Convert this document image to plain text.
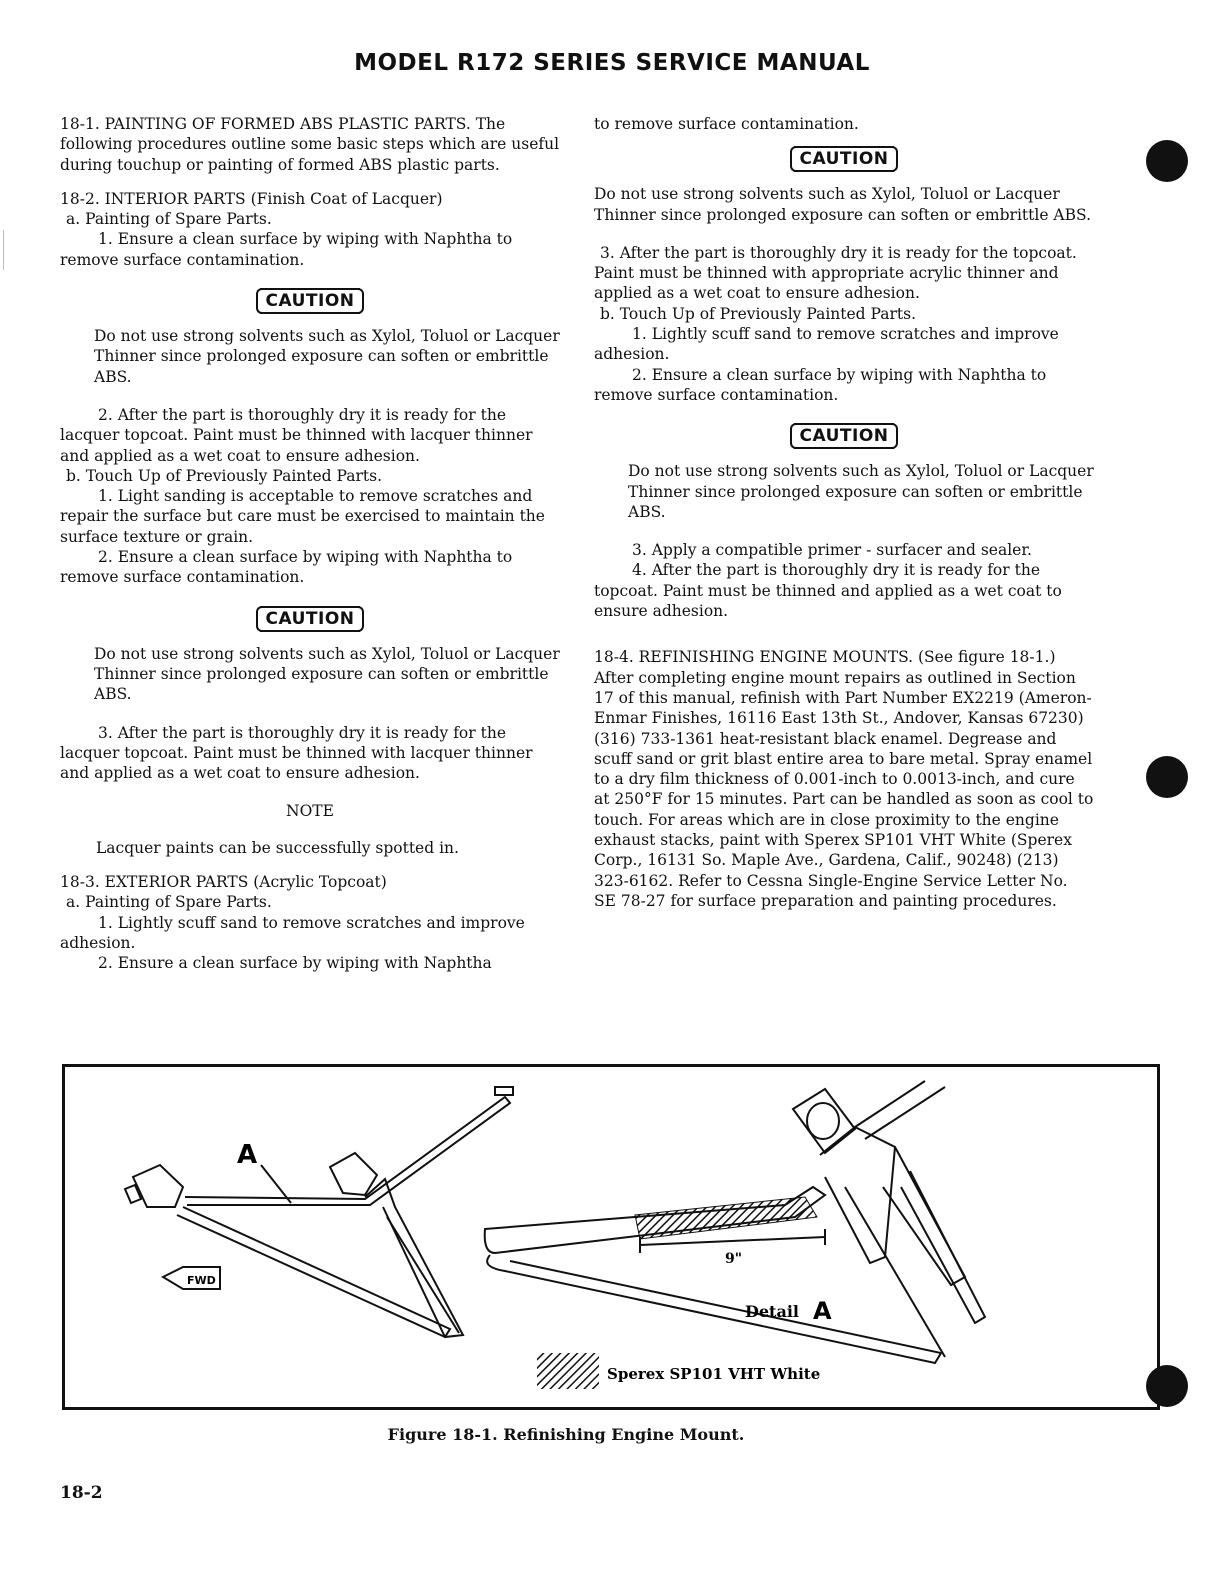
MODEL R172 SERIES SERVICE MANUAL

18-1. PAINTING OF FORMED ABS PLASTIC PARTS. The following procedures outline some basic steps which are useful during touchup or painting of formed ABS plastic parts.

18-2. INTERIOR PARTS (Finish Coat of Lacquer)

a. Painting of Spare Parts.

1. Ensure a clean surface by wiping with Naphtha to remove surface contamination.

CAUTION

Do not use strong solvents such as Xylol, Toluol or Lacquer Thinner since prolonged exposure can soften or embrittle ABS.

2. After the part is thoroughly dry it is ready for the lacquer topcoat. Paint must be thinned with lacquer thinner and applied as a wet coat to ensure adhesion.

b. Touch Up of Previously Painted Parts.

1. Light sanding is acceptable to remove scratches and repair the surface but care must be exercised to maintain the surface texture or grain.

2. Ensure a clean surface by wiping with Naphtha to remove surface contamination.

CAUTION

Do not use strong solvents such as Xylol, Toluol or Lacquer Thinner since prolonged exposure can soften or embrittle ABS.

3. After the part is thoroughly dry it is ready for the lacquer topcoat. Paint must be thinned with lacquer thinner and applied as a wet coat to ensure adhesion.

NOTE

Lacquer paints can be successfully spotted in.

18-3. EXTERIOR PARTS (Acrylic Topcoat)

a. Painting of Spare Parts.

1. Lightly scuff sand to remove scratches and improve adhesion.

2. Ensure a clean surface by wiping with Naphtha

to remove surface contamination.

CAUTION

Do not use strong solvents such as Xylol, Toluol or Lacquer Thinner since prolonged exposure can soften or embrittle ABS.

3. After the part is thoroughly dry it is ready for the topcoat. Paint must be thinned with appropriate acrylic thinner and applied as a wet coat to ensure adhesion.

b. Touch Up of Previously Painted Parts.

1. Lightly scuff sand to remove scratches and improve adhesion.

2. Ensure a clean surface by wiping with Naphtha to remove surface contamination.

CAUTION

Do not use strong solvents such as Xylol, Toluol or Lacquer Thinner since prolonged exposure can soften or embrittle ABS.

3. Apply a compatible primer - surfacer and sealer.

4. After the part is thoroughly dry it is ready for the topcoat. Paint must be thinned and applied as a wet coat to ensure adhesion.

18-4. REFINISHING ENGINE MOUNTS. (See figure 18-1.) After completing engine mount repairs as outlined in Section 17 of this manual, refinish with Part Number EX2219 (Ameron-Enmar Finishes, 16116 East 13th St., Andover, Kansas 67230) (316) 733-1361 heat-resistant black enamel. Degrease and scuff sand or grit blast entire area to bare metal. Spray enamel to a dry film thickness of 0.001-inch to 0.0013-inch, and cure at 250°F for 15 minutes. Part can be handled as soon as cool to touch. For areas which are in close proximity to the engine exhaust stacks, paint with Sperex SP101 VHT White (Sperex Corp., 16131 So. Maple Ave., Gardena, Calif., 90248) (213) 323-6162. Refer to Cessna Single-Engine Service Letter No. SE 78-27 for surface preparation and painting procedures.

A
FWD
9"
Detail A
Sperex SP101 VHT White
Figure 18-1. Refinishing Engine Mount.
18-2
